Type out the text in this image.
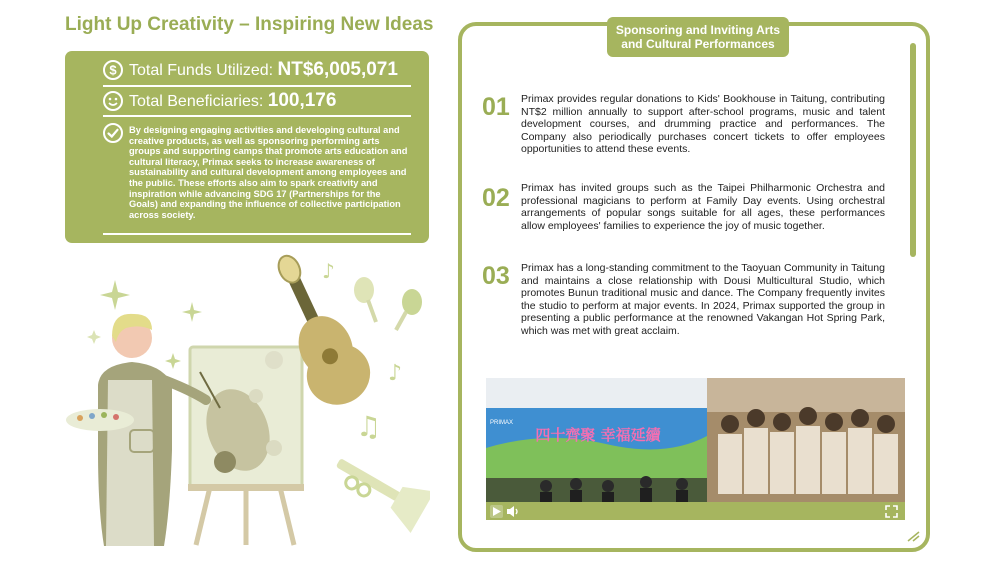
Light Up Creativity – Inspiring New Ideas
$ Total Funds Utilized: NT$6,005,071
Total Beneficiaries: 100,176

By designing engaging activities and developing cultural and creative products, as well as sponsoring performing arts groups and supporting camps that promote arts education and cultural literacy, Primax seeks to increase awareness of sustainability and cultural development among employees and the public. These efforts also aim to spark creativity and inspiration while advancing SDG 17 (Partnerships for the Goals) and expanding the influence of collective participation across society.

♪
♪
♫
Sponsoring and Inviting Arts
and Cultural Performances
01 Primax provides regular donations to Kids' Bookhouse in Taitung, contributing NT$2 million annually to support after-school programs, music and talent development courses, and drumming practice and performances. The Company also periodically purchases concert tickets to offer employees opportunities to attend these events.

02 Primax has invited groups such as the Taipei Philharmonic Orchestra and professional magicians to perform at Family Day events. Using orchestral arrangements of popular songs suitable for all ages, these performances allow employees' families to experience the joy of music together.

03 Primax has a long-standing commitment to the Taoyuan Community in Taitung and maintains a close relationship with Dousi Multicultural Studio, which promotes Bunun traditional music and dance. The Company frequently invites the studio to perform at major events. In 2024, Primax supported the group in presenting a public performance at the renowned Vakangan Hot Spring Park, which was met with great acclaim.

PRIMAX
四十齊聚 幸福延續
